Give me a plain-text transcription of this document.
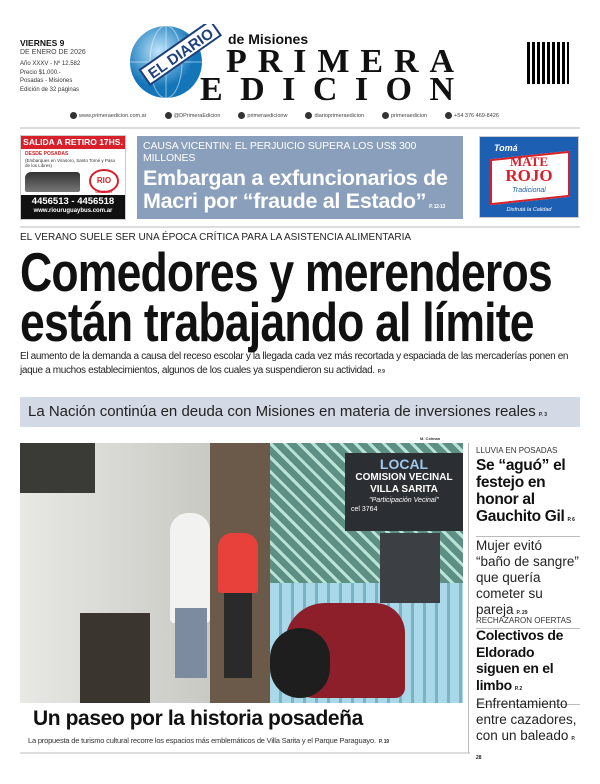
VIERNES 9
DE ENERO DE 2026
Año XXXV - Nº 12.582
Precio $1.000.-
Posadas - Misiones
Edición de 32 páginas
EL DIARIO de Misiones
PRIMERA
EDICION
www.primeraedicion.com.ar	@DPrimeraEdicion	primeraedicionw	diarioprimeraedicion	primeraedicion	+54 376 469-8426
SALIDA A RETIRO 17HS.
DESDE POSADAS
(Embarques en Virasoro, Santo Tomé y Paso de los Libres)
RIO
URUGUAY
4456513 - 4456518
www.riouruguaybus.com.ar
CAUSA VICENTIN: EL PERJUICIO SUPERA LOS US$ 300 MILLONES
Embargan a exfuncionarios de Macri por “fraude al Estado” P. 12-13
Tomá
MATE
ROJO
Tradicional
Disfrutá la Calidad
EL VERANO SUELE SER UNA ÉPOCA CRÍTICA PARA LA ASISTENCIA ALIMENTARIA
Comedores y merenderos
están trabajando al límite
El aumento de la demanda a causa del receso escolar y la llegada cada vez más recortada y espaciada de las mercaderías ponen en jaque a muchos establecimientos, algunos de los cuales ya suspendieron su actividad. P. 9
La Nación continúa en deuda con Misiones en materia de inversiones reales P. 3
M. Colman
LOCAL
COMISION VECINAL
VILLA SARITA
"Participación Vecinal"
cel 3764
Un paseo por la historia posadeña
La propuesta de turismo cultural recorre los espacios más emblemáticos de Villa Sarita y el Parque Paraguayo. P. 19
LLUVIA EN POSADAS
Se “aguó” el festejo en honor al Gauchito Gil P. 6
Mujer evitó “baño de sangre” que quería cometer su pareja P. 29
RECHAZARON OFERTAS
Colectivos de Eldorado siguen en el limbo P. 2
Enfrentamiento entre cazadores, con un baleado P. 28
